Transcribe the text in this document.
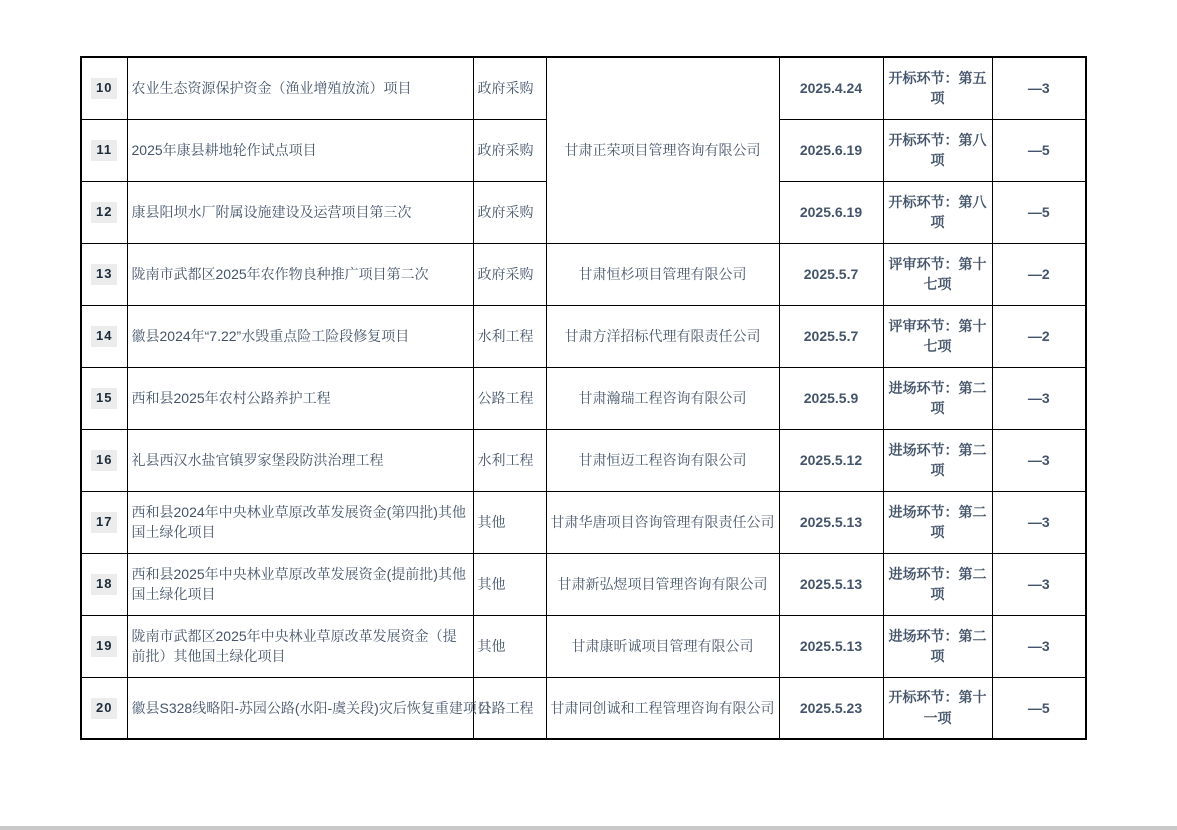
10	农业生态资源保护资金（渔业增殖放流）项目	政府采购	甘肃正荣项目管理咨询有限公司	2025.4.24	开标环节：第五项	—3
11	2025年康县耕地轮作试点项目	政府采购		2025.6.19	开标环节：第八项	—5
12	康县阳坝水厂附属设施建设及运营项目第三次	政府采购		2025.6.19	开标环节：第八项	—5
13	陇南市武都区2025年农作物良种推广项目第二次	政府采购	甘肃恒杉项目管理有限公司	2025.5.7	评审环节：第十七项	—2
14	徽县2024年“7.22”水毁重点险工险段修复项目	水利工程	甘肃方洋招标代理有限责任公司	2025.5.7	评审环节：第十七项	—2
15	西和县2025年农村公路养护工程	公路工程	甘肃瀚瑞工程咨询有限公司	2025.5.9	进场环节：第二项	—3
16	礼县西汉水盐官镇罗家堡段防洪治理工程	水利工程	甘肃恒迈工程咨询有限公司	2025.5.12	进场环节：第二项	—3
17	西和县2024年中央林业草原改革发展资金(第四批)其他国土绿化项目	其他	甘肃华唐项目咨询管理有限责任公司	2025.5.13	进场环节：第二项	—3
18	西和县2025年中央林业草原改革发展资金(提前批)其他国土绿化项目	其他	甘肃新弘煜项目管理咨询有限公司	2025.5.13	进场环节：第二项	—3
19	陇南市武都区2025年中央林业草原改革发展资金（提前批）其他国土绿化项目	其他	甘肃康昕诚项目管理有限公司	2025.5.13	进场环节：第二项	—3
20	徽县S328线略阳-苏园公路(水阳-虞关段)灾后恢复重建项目	公路工程	甘肃同创诚和工程管理咨询有限公司	2025.5.23	开标环节：第十一项	—5
